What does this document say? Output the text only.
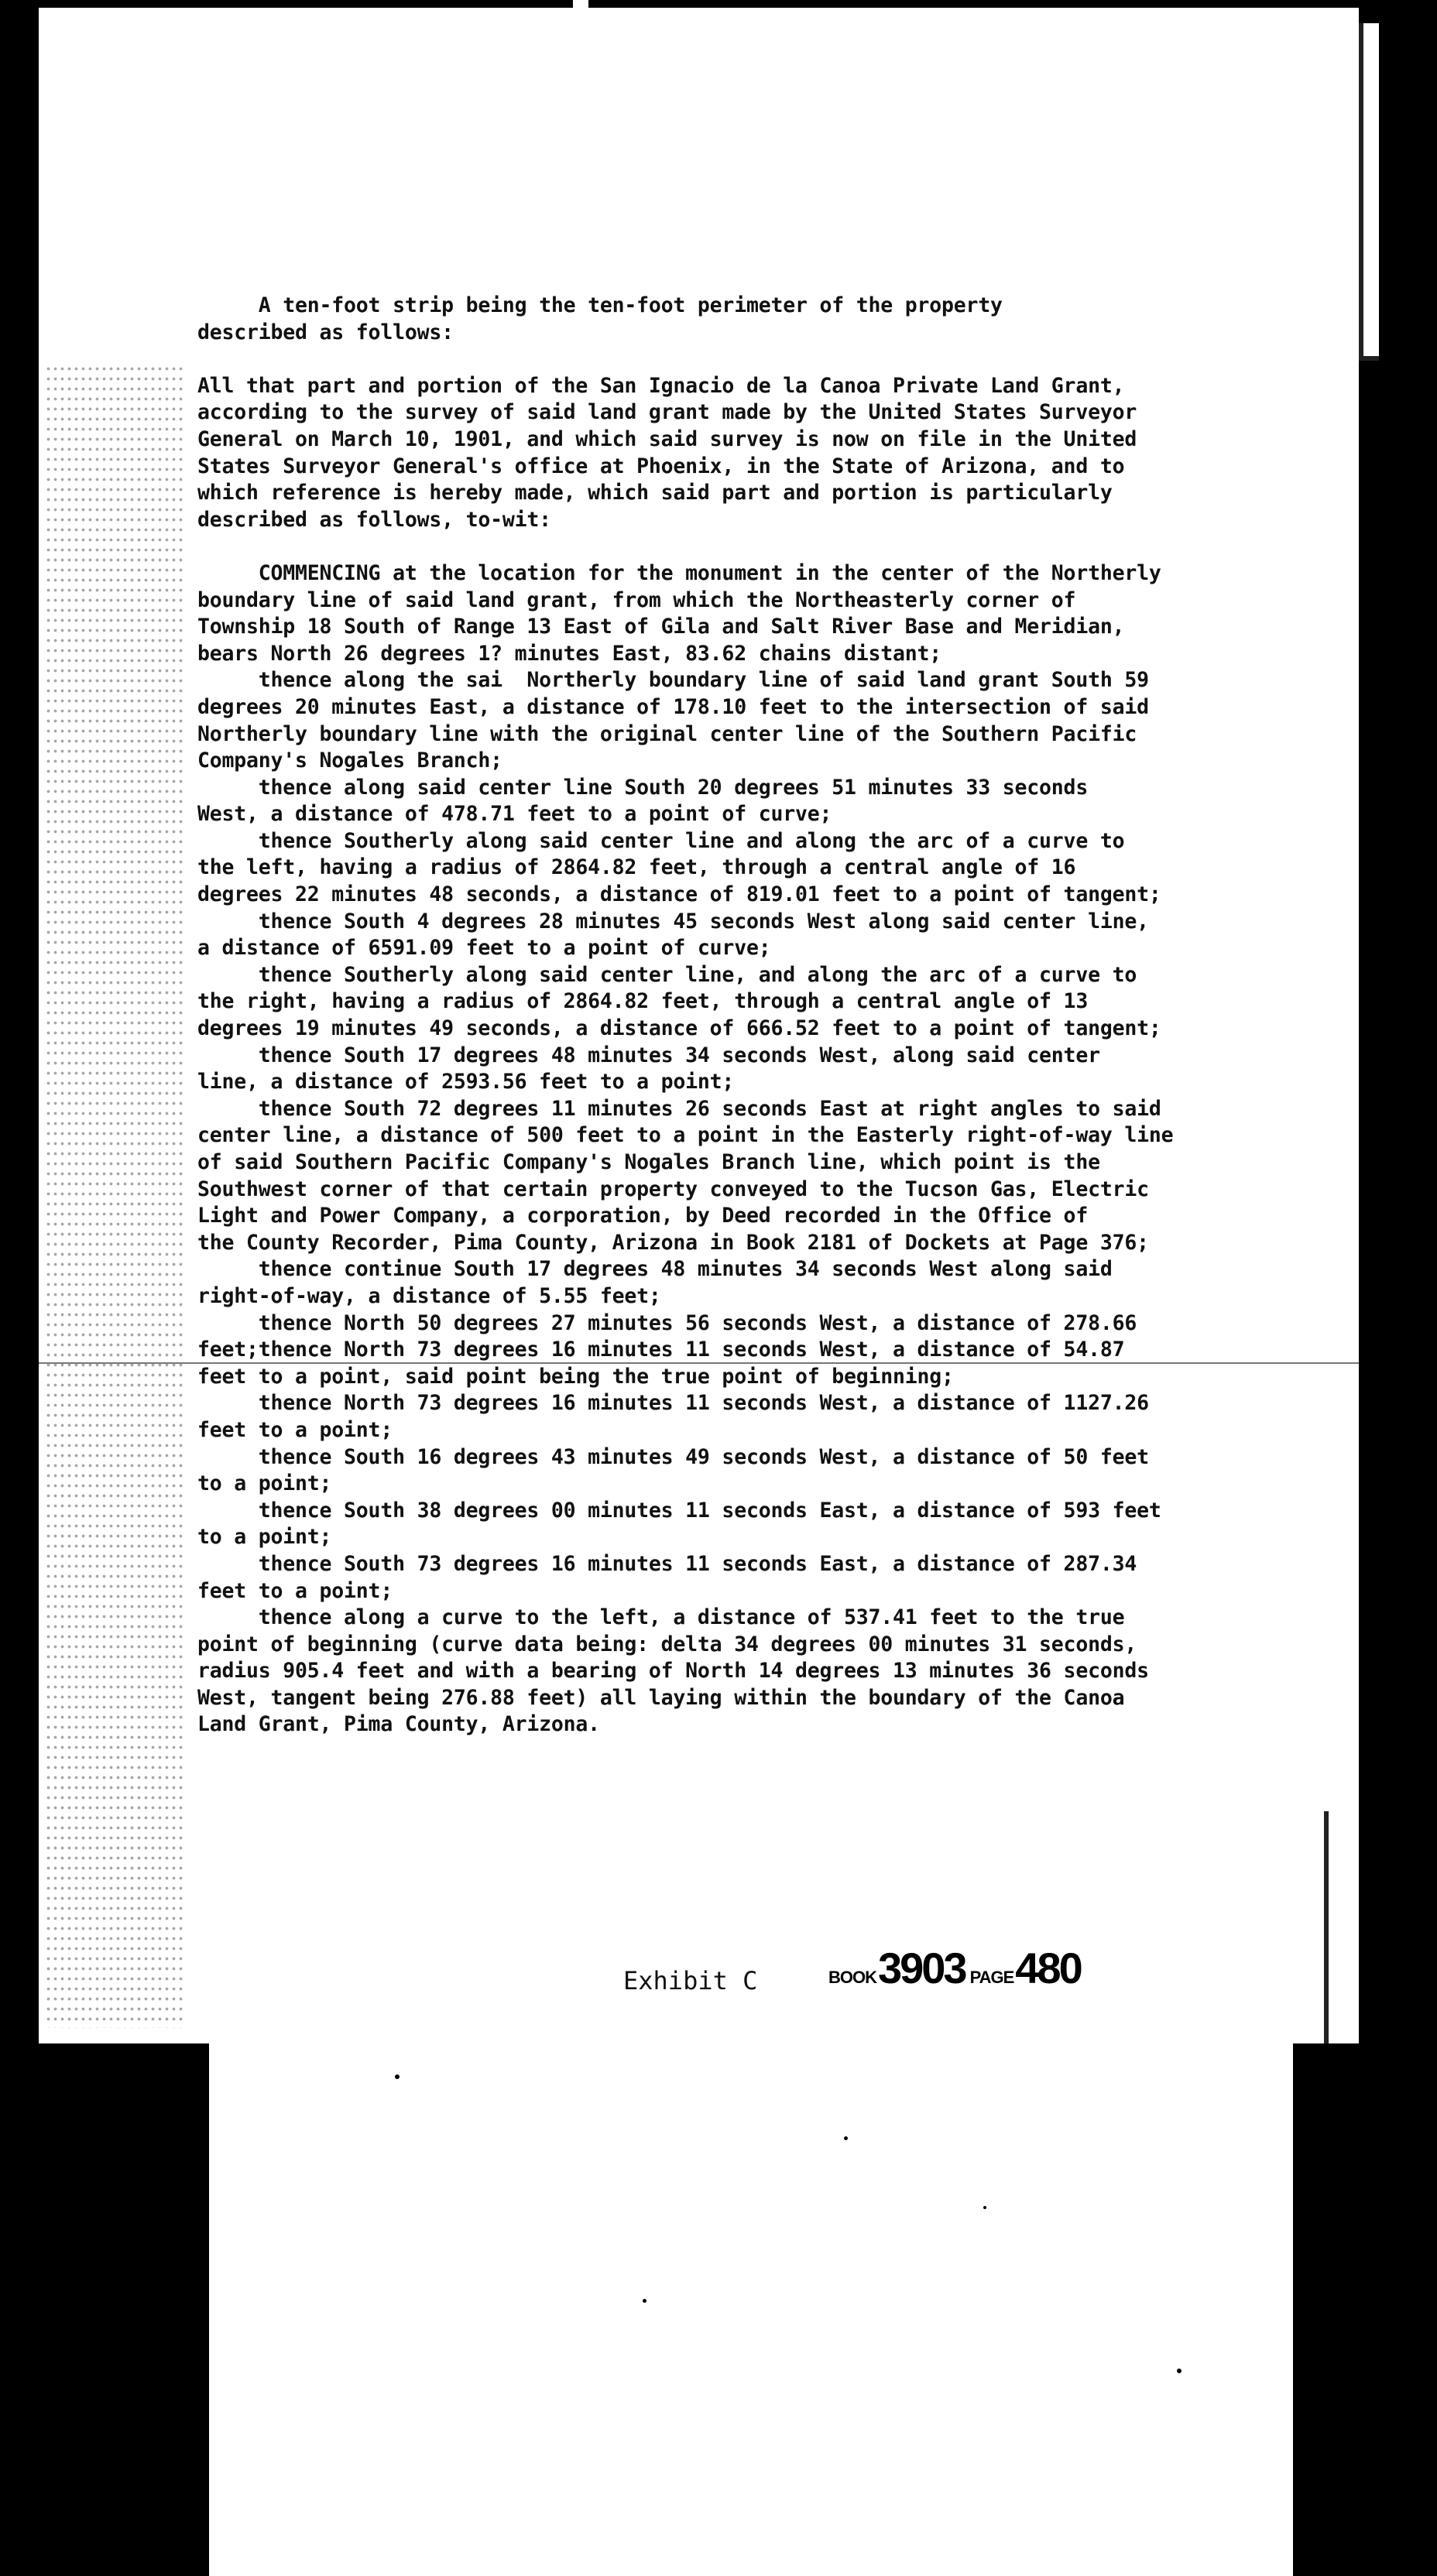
A ten-foot strip being the ten-foot perimeter of the property
described as follows:
All that part and portion of the San Ignacio de la Canoa Private Land Grant,
according to the survey of said land grant made by the United States Surveyor
General on March 10, 1901, and which said survey is now on file in the United
States Surveyor General's office at Phoenix, in the State of Arizona, and to
which reference is hereby made, which said part and portion is particularly
described as follows, to-wit:
COMMENCING at the location for the monument in the center of the Northerly
boundary line of said land grant, from which the Northeasterly corner of
Township 18 South of Range 13 East of Gila and Salt River Base and Meridian,
bears North 26 degrees 1? minutes East, 83.62 chains distant;
thence along the sai  Northerly boundary line of said land grant South 59
degrees 20 minutes East, a distance of 178.10 feet to the intersection of said
Northerly boundary line with the original center line of the Southern Pacific
Company's Nogales Branch;
thence along said center line South 20 degrees 51 minutes 33 seconds
West, a distance of 478.71 feet to a point of curve;
thence Southerly along said center line and along the arc of a curve to
the left, having a radius of 2864.82 feet, through a central angle of 16
degrees 22 minutes 48 seconds, a distance of 819.01 feet to a point of tangent;
thence South 4 degrees 28 minutes 45 seconds West along said center line,
a distance of 6591.09 feet to a point of curve;
thence Southerly along said center line, and along the arc of a curve to
the right, having a radius of 2864.82 feet, through a central angle of 13
degrees 19 minutes 49 seconds, a distance of 666.52 feet to a point of tangent;
thence South 17 degrees 48 minutes 34 seconds West, along said center
line, a distance of 2593.56 feet to a point;
thence South 72 degrees 11 minutes 26 seconds East at right angles to said
center line, a distance of 500 feet to a point in the Easterly right-of-way line
of said Southern Pacific Company's Nogales Branch line, which point is the
Southwest corner of that certain property conveyed to the Tucson Gas, Electric
Light and Power Company, a corporation, by Deed recorded in the Office of
the County Recorder, Pima County, Arizona in Book 2181 of Dockets at Page 376;
thence continue South 17 degrees 48 minutes 34 seconds West along said
right-of-way, a distance of 5.55 feet;
thence North 50 degrees 27 minutes 56 seconds West, a distance of 278.66
feet;thence North 73 degrees 16 minutes 11 seconds West, a distance of 54.87
feet to a point, said point being the true point of beginning;
thence North 73 degrees 16 minutes 11 seconds West, a distance of 1127.26
feet to a point;
thence South 16 degrees 43 minutes 49 seconds West, a distance of 50 feet
to a point;
thence South 38 degrees 00 minutes 11 seconds East, a distance of 593 feet
to a point;
thence South 73 degrees 16 minutes 11 seconds East, a distance of 287.34
feet to a point;
thence along a curve to the left, a distance of 537.41 feet to the true
point of beginning (curve data being: delta 34 degrees 00 minutes 31 seconds,
radius 905.4 feet and with a bearing of North 14 degrees 13 minutes 36 seconds
West, tangent being 276.88 feet) all laying within the boundary of the Canoa
Land Grant, Pima County, Arizona.
Exhibit C	BOOK3903 PAGE480
